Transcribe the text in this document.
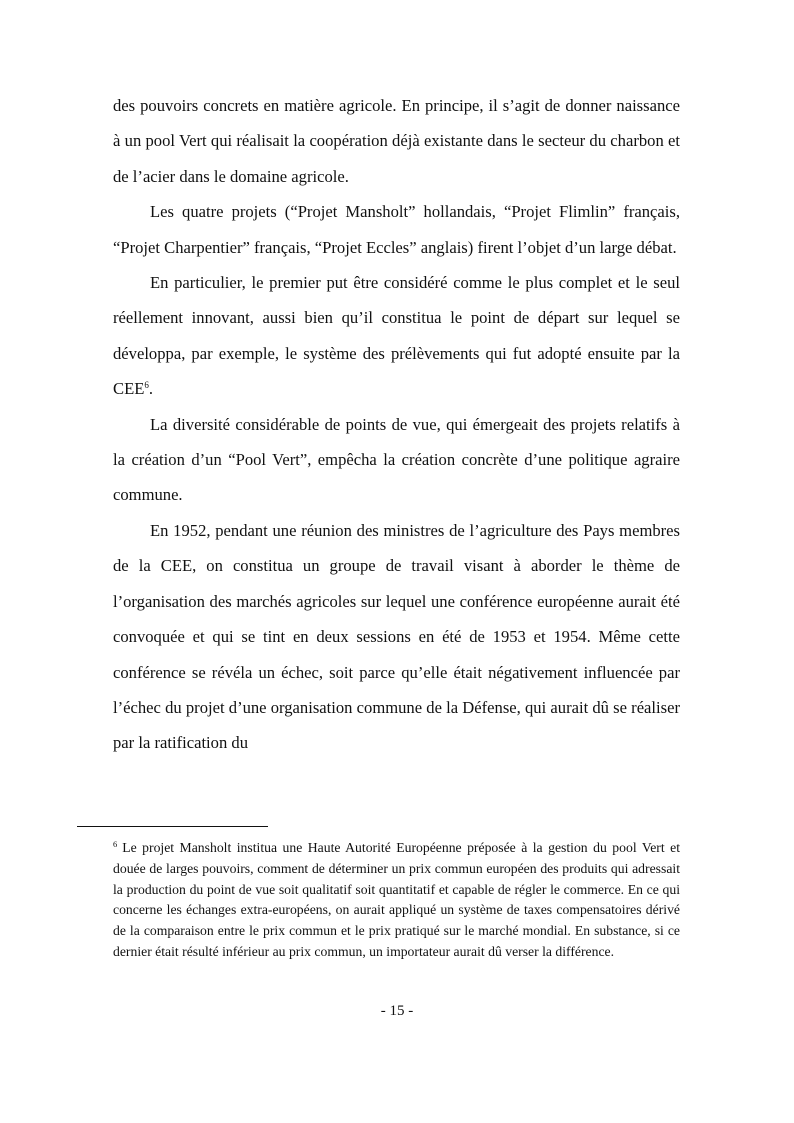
des pouvoirs concrets en matière agricole. En principe, il s’agit de donner naissance à un pool Vert qui réalisait la coopération déjà existante dans le secteur du charbon et de l’acier dans le domaine agricole.

Les quatre projets (“Projet Mansholt” hollandais, “Projet Flimlin” français, “Projet Charpentier” français, “Projet Eccles” anglais) firent l’objet d’un large débat.

En particulier, le premier put être considéré comme le plus complet et le seul réellement innovant, aussi bien qu’il constitua le point de départ sur lequel se développa, par exemple, le système des prélèvements qui fut adopté ensuite par la CEE$^6$.

La diversité considérable de points de vue, qui émergeait des projets relatifs à la création d’un “Pool Vert”, empêcha la création concrète d’une politique agraire commune.

En 1952, pendant une réunion des ministres de l’agriculture des Pays membres de la CEE, on constitua un groupe de travail visant à aborder le thème de l’organisation des marchés agricoles sur lequel une conférence européenne aurait été convoquée et qui se tint en deux sessions en été de 1953 et 1954. Même cette conférence se révéla un échec, soit parce qu’elle était négativement influencée par l’échec du projet d’une organisation commune de la Défense, qui aurait dû se réaliser par la ratification du

$^6$ Le projet Mansholt institua une Haute Autorité Européenne préposée à la gestion du pool Vert et douée de larges pouvoirs, comment de déterminer un prix commun européen des produits qui adressait la production du point de vue soit qualitatif soit quantitatif et capable de régler le commerce. En ce qui concerne les échanges extra-européens, on aurait appliqué un système de taxes compensatoires dérivé de la comparaison entre le prix commun et le prix pratiqué sur le marché mondial. En substance, si ce dernier était résulté inférieur au prix commun, un importateur aurait dû verser la différence.

- 15 -
